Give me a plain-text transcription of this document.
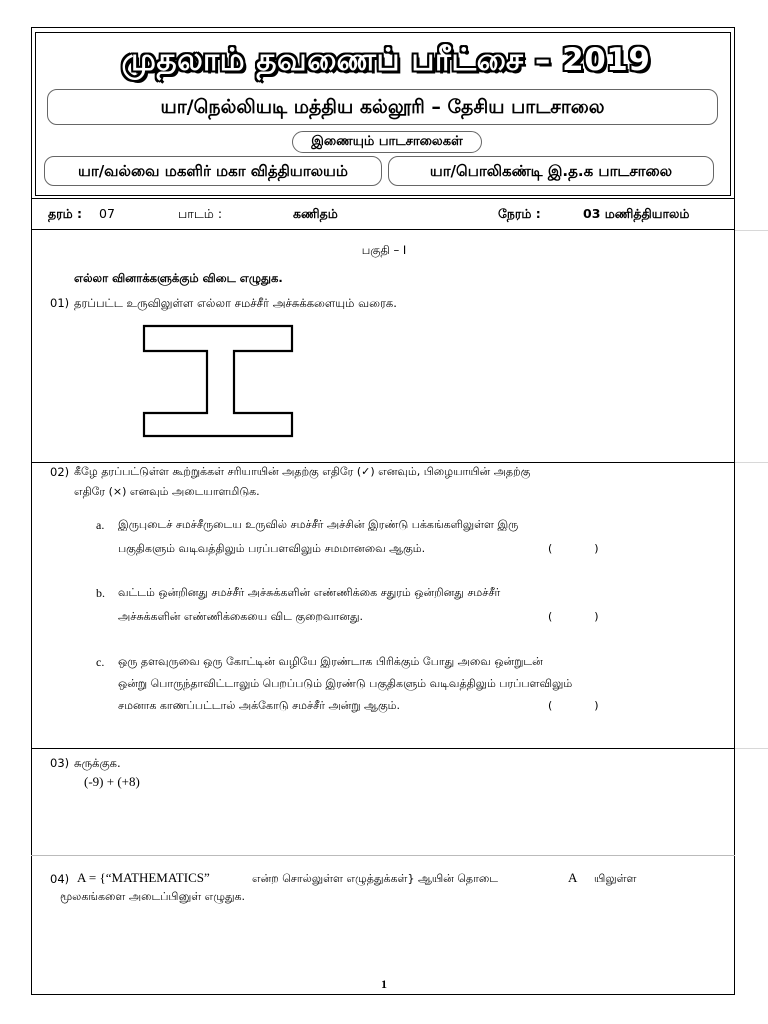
முதலாம் தவணைப் பரீட்சை – 2019
யா/நெல்லியடி மத்திய கல்லூரி – தேசிய பாடசாலை
இணையும் பாடசாலைகள்
யா/வல்வை மகளிர் மகா வித்தியாலயம்	யா/பொலிகண்டி இ.த.க பாடசாலை
தரம் : 07	பாடம் :	கணிதம்	நேரம் :	03 மணித்தியாலம்
பகுதி – I
எல்லா வினாக்களுக்கும் விடை எழுதுக.
01) தரப்பட்ட உருவிலுள்ள எல்லா சமச்சீர் அச்சுக்களையும் வரைக.
02) கீழே தரப்பட்டுள்ள கூற்றுக்கள் சரியாயின் அதற்கு எதிரே (✓) எனவும், பிழையாயின் அதற்கு
எதிரே (×) எனவும் அடையாளமிடுக.
a. இருபுடைச் சமச்சீருடைய உருவில் சமச்சீர் அச்சின் இரண்டு பக்கங்களிலுள்ள இரு
பகுதிகளும் வடிவத்திலும் பரப்பளவிலும் சமமானவை ஆகும்.	(            )
b. வட்டம் ஒன்றினது சமச்சீர் அச்சுக்களின் எண்ணிக்கை சதுரம் ஒன்றினது சமச்சீர்
அச்சுக்களின் எண்ணிக்கையை விட குறைவானது.	(            )
c. ஒரு தளவுருவை ஒரு கோட்டின் வழியே இரண்டாக பிரிக்கும் போது அவை ஒன்றுடன்
ஒன்று பொருந்தாவிட்டாலும் பெறப்படும் இரண்டு பகுதிகளும் வடிவத்திலும் பரப்பளவிலும்
சமனாக காணப்பட்டால் அக்கோடு சமச்சீர் அன்று ஆகும்.	(            )
03) சுருக்குக.
(-9) + (+8)
04) A = {“MATHEMATICS”	என்ற சொல்லுள்ள எழுத்துக்கள்} ஆயின் தொடை	A யிலுள்ள
மூலகங்களை அடைப்பினுள் எழுதுக.
1
